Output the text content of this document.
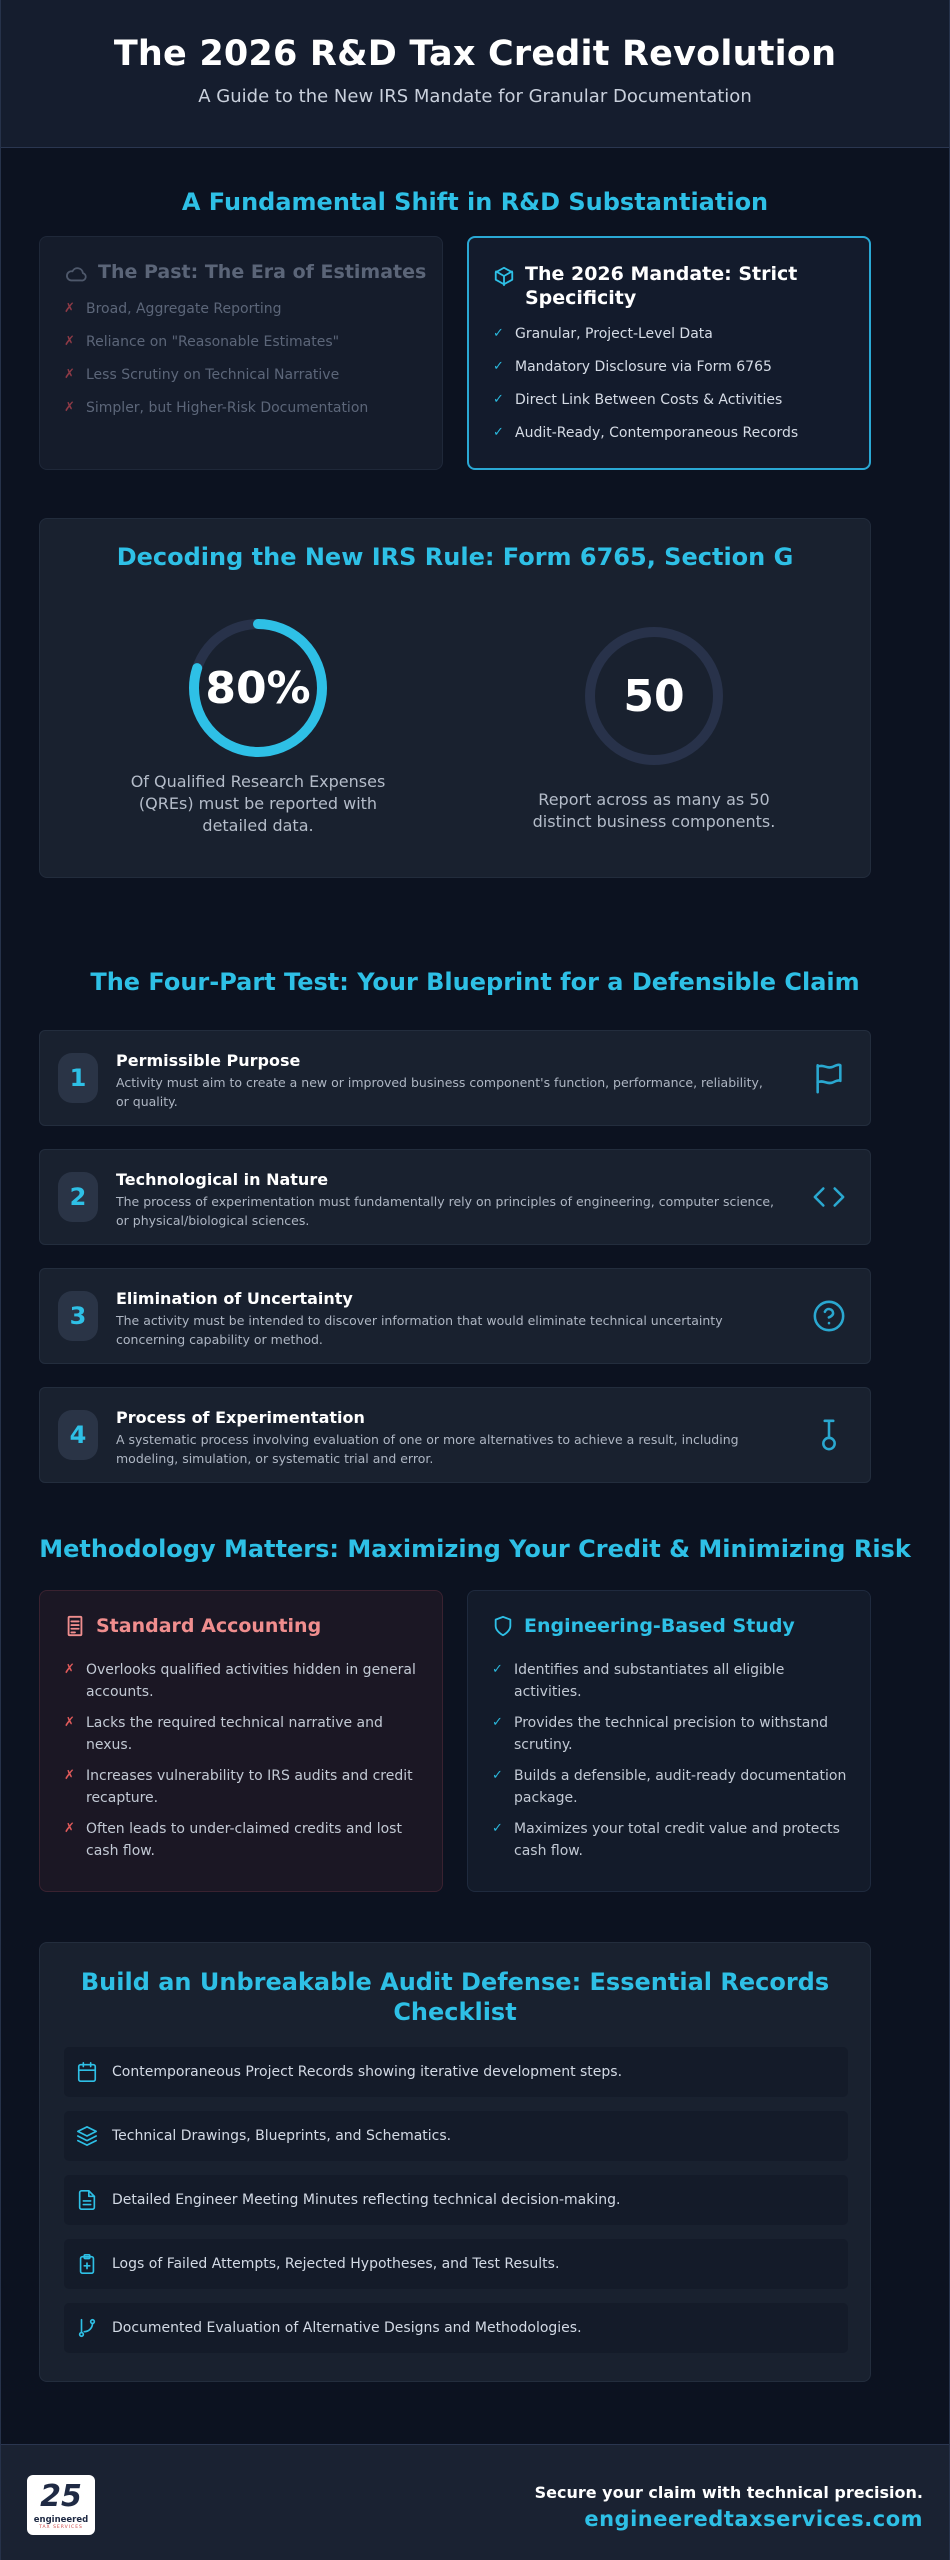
The 2026 R&D Tax Credit Revolution

A Guide to the New IRS Mandate for Granular Documentation

A Fundamental Shift in R&D Substantiation
The Past: The Era of Estimates
✗ Broad, Aggregate Reporting
✗ Reliance on "Reasonable Estimates"
✗ Less Scrutiny on Technical Narrative
✗ Simpler, but Higher-Risk Documentation
The 2026 Mandate: Strict Specificity
✓ Granular, Project-Level Data
✓ Mandatory Disclosure via Form 6765
✓ Direct Link Between Costs & Activities
✓ Audit-Ready, Contemporaneous Records
Decoding the New IRS Rule: Form 6765, Section G
80%
Of Qualified Research Expenses (QREs) must be reported with detailed data.
50
Report across as many as 50 distinct business components.
The Four-Part Test: Your Blueprint for a Defensible Claim
1
Permissible Purpose
Activity must aim to create a new or improved business component's function, performance, reliability, or quality.
2
Technological in Nature
The process of experimentation must fundamentally rely on principles of engineering, computer science, or physical/biological sciences.
3
Elimination of Uncertainty
The activity must be intended to discover information that would eliminate technical uncertainty concerning capability or method.
4
Process of Experimentation
A systematic process involving evaluation of one or more alternatives to achieve a result, including modeling, simulation, or systematic trial and error.
Methodology Matters: Maximizing Your Credit & Minimizing Risk
Standard Accounting
✗ Overlooks qualified activities hidden in general accounts.
✗ Lacks the required technical narrative and nexus.
✗ Increases vulnerability to IRS audits and credit recapture.
✗ Often leads to under-claimed credits and lost cash flow.
Engineering-Based Study
✓ Identifies and substantiates all eligible activities.
✓ Provides the technical precision to withstand scrutiny.
✓ Builds a defensible, audit-ready documentation package.
✓ Maximizes your total credit value and protects cash flow.
Build an Unbreakable Audit Defense: Essential Records Checklist
Contemporaneous Project Records showing iterative development steps.
Technical Drawings, Blueprints, and Schematics.
Detailed Engineer Meeting Minutes reflecting technical decision-making.
Logs of Failed Attempts, Rejected Hypotheses, and Test Results.
Documented Evaluation of Alternative Designs and Methodologies.
25
engineered
TAX SERVICES
Secure your claim with technical precision.
engineeredtaxservices.com
